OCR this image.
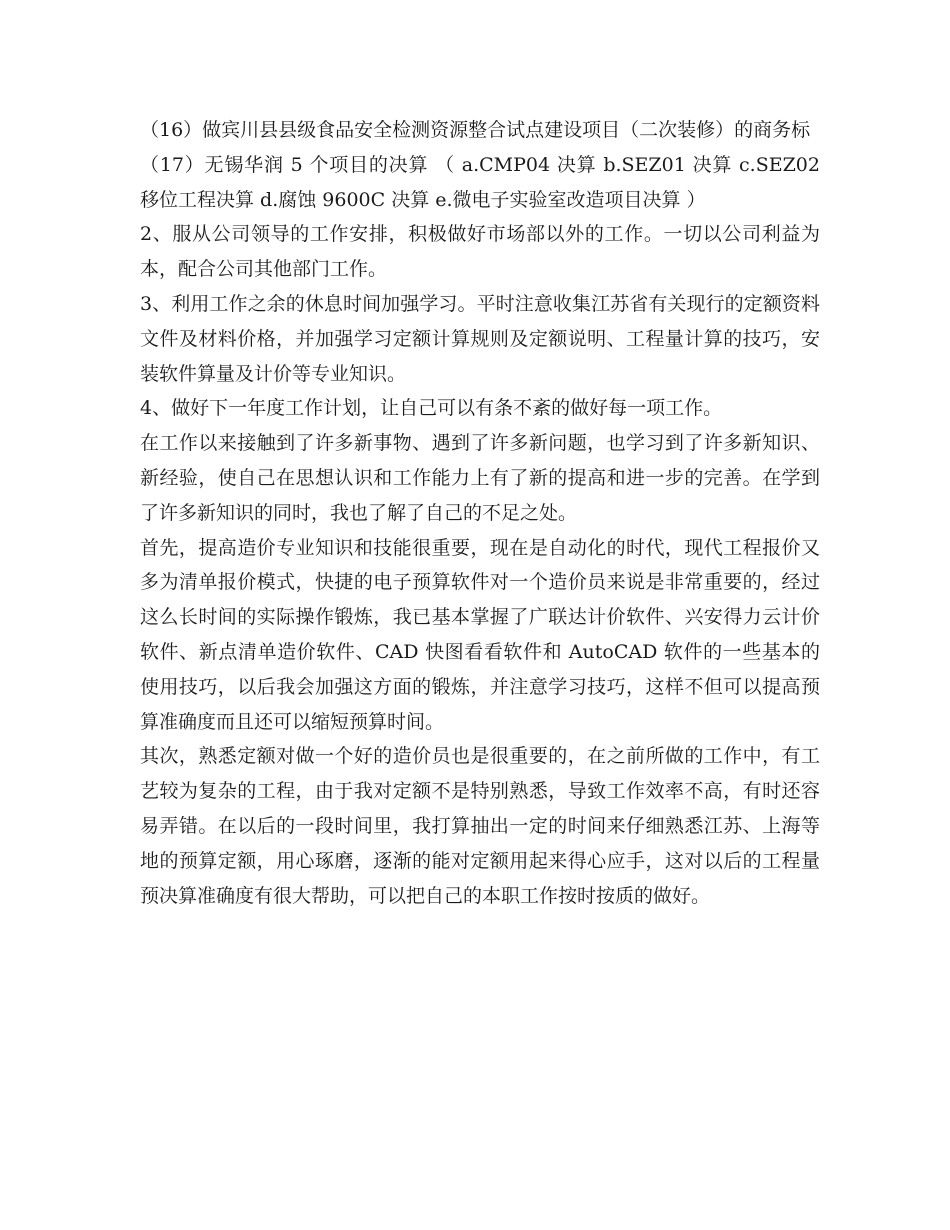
（16）做宾川县县级食品安全检测资源整合试点建设项目（二次装修）的商务标

（17）无锡华润 5 个项目的决算 （ a.CMP04 决算 b.SEZ01 决算 c.SEZ02 移位工程决算 d.腐蚀 9600C 决算 e.微电子实验室改造项目决算 ）

2、服从公司领导的工作安排，积极做好市场部以外的工作。一切以公司利益为本，配合公司其他部门工作。

3、利用工作之余的休息时间加强学习。平时注意收集江苏省有关现行的定额资料文件及材料价格，并加强学习定额计算规则及定额说明、工程量计算的技巧，安装软件算量及计价等专业知识。

4、做好下一年度工作计划，让自己可以有条不紊的做好每一项工作。

在工作以来接触到了许多新事物、遇到了许多新问题，也学习到了许多新知识、新经验，使自己在思想认识和工作能力上有了新的提高和进一步的完善。在学到了许多新知识的同时，我也了解了自己的不足之处。

首先，提高造价专业知识和技能很重要，现在是自动化的时代，现代工程报价又多为清单报价模式，快捷的电子预算软件对一个造价员来说是非常重要的，经过这么长时间的实际操作锻炼，我已基本掌握了广联达计价软件、兴安得力云计价软件、新点清单造价软件、CAD 快图看看软件和 AutoCAD 软件的一些基本的使用技巧，以后我会加强这方面的锻炼，并注意学习技巧，这样不但可以提高预算准确度而且还可以缩短预算时间。

其次，熟悉定额对做一个好的造价员也是很重要的，在之前所做的工作中，有工艺较为复杂的工程，由于我对定额不是特别熟悉，导致工作效率不高，有时还容易弄错。在以后的一段时间里，我打算抽出一定的时间来仔细熟悉江苏、上海等地的预算定额，用心琢磨，逐渐的能对定额用起来得心应手，这对以后的工程量预决算准确度有很大帮助，可以把自己的本职工作按时按质的做好。
